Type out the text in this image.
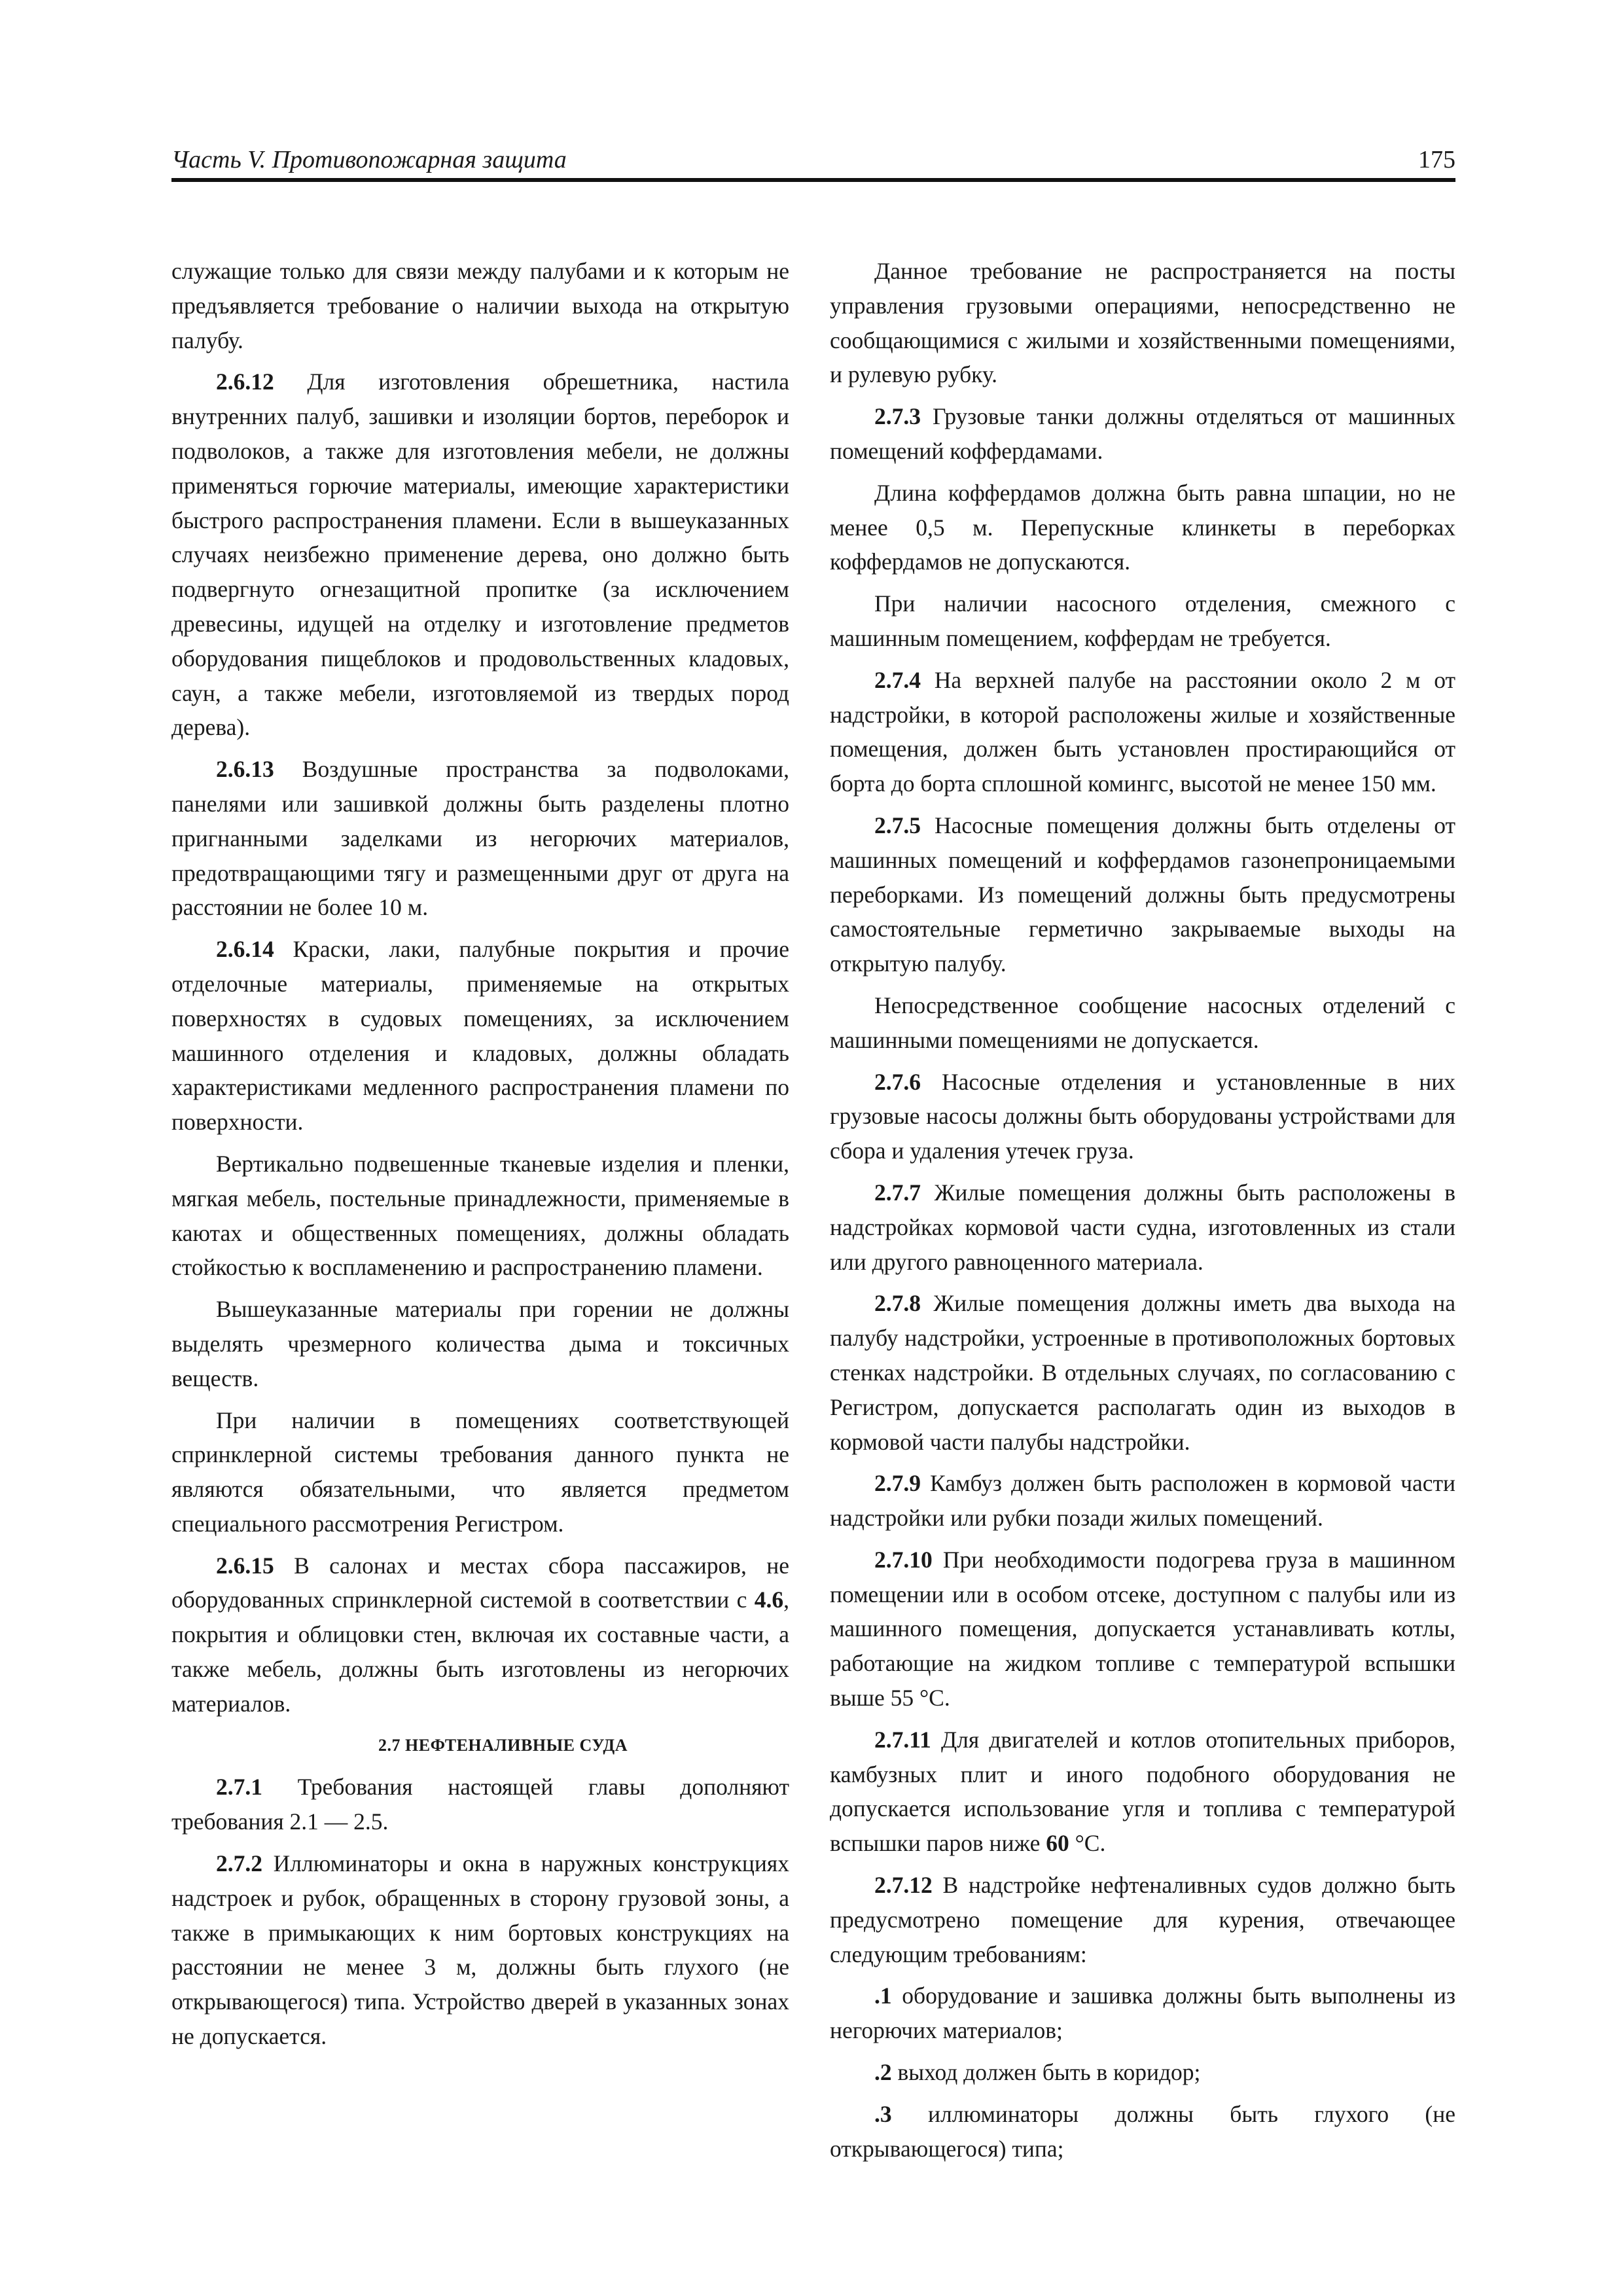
Часть V. Противопожарная защита	175

служащие только для связи между палубами и к которым не предъявляется требование о наличии выхода на открытую палубу.

2.6.12 Для изготовления обрешетника, настила внутренних палуб, зашивки и изоляции бортов, переборок и подволоков, а также для изготовления мебели, не должны применяться горючие материалы, имеющие характеристики быстрого распространения пламени. Если в вышеуказанных случаях неизбежно применение дерева, оно должно быть подвергнуто огнезащитной пропитке (за исключением древесины, идущей на отделку и изготовление предметов оборудования пищеблоков и продовольственных кладовых, саун, а также мебели, изготовляемой из твердых пород дерева).

2.6.13 Воздушные пространства за подволоками, панелями или зашивкой должны быть разделены плотно пригнанными заделками из негорючих материалов, предотвращающими тягу и размещенными друг от друга на расстоянии не более 10 м.

2.6.14 Краски, лаки, палубные покрытия и прочие отделочные материалы, применяемые на открытых поверхностях в судовых помещениях, за исключением машинного отделения и кладовых, должны обладать характеристиками медленного распространения пламени по поверхности.

Вертикально подвешенные тканевые изделия и пленки, мягкая мебель, постельные принадлежности, применяемые в каютах и общественных помещениях, должны обладать стойкостью к воспламенению и распространению пламени.

Вышеуказанные материалы при горении не должны выделять чрезмерного количества дыма и токсичных веществ.

При наличии в помещениях соответствующей спринклерной системы требования данного пункта не являются обязательными, что является предметом специального рассмотрения Регистром.

2.6.15 В салонах и местах сбора пассажиров, не оборудованных спринклерной системой в соответствии с 4.6, покрытия и облицовки стен, включая их составные части, а также мебель, должны быть изготовлены из негорючих материалов.

2.7 НЕФТЕНАЛИВНЫЕ СУДА

2.7.1 Требования настоящей главы дополняют требования 2.1 — 2.5.

2.7.2 Иллюминаторы и окна в наружных конструкциях надстроек и рубок, обращенных в сторону грузовой зоны, а также в примыкающих к ним бортовых конструкциях на расстоянии не менее 3 м, должны быть глухого (не открывающегося) типа. Устройство дверей в указанных зонах не допускается.

Данное требование не распространяется на посты управления грузовыми операциями, непосредственно не сообщающимися с жилыми и хозяйственными помещениями, и рулевую рубку.

2.7.3 Грузовые танки должны отделяться от машинных помещений коффердамами.

Длина коффердамов должна быть равна шпации, но не менее 0,5 м. Перепускные клинкеты в переборках коффердамов не допускаются.

При наличии насосного отделения, смежного с машинным помещением, коффердам не требуется.

2.7.4 На верхней палубе на расстоянии около 2 м от надстройки, в которой расположены жилые и хозяйственные помещения, должен быть установлен простирающийся от борта до борта сплошной комингс, высотой не менее 150 мм.

2.7.5 Насосные помещения должны быть отделены от машинных помещений и коффердамов газонепроницаемыми переборками. Из помещений должны быть предусмотрены самостоятельные герметично закрываемые выходы на открытую палубу.

Непосредственное сообщение насосных отделений с машинными помещениями не допускается.

2.7.6 Насосные отделения и установленные в них грузовые насосы должны быть оборудованы устройствами для сбора и удаления утечек груза.

2.7.7 Жилые помещения должны быть расположены в надстройках кормовой части судна, изготовленных из стали или другого равноценного материала.

2.7.8 Жилые помещения должны иметь два выхода на палубу надстройки, устроенные в противоположных бортовых стенках надстройки. В отдельных случаях, по согласованию с Регистром, допускается располагать один из выходов в кормовой части палубы надстройки.

2.7.9 Камбуз должен быть расположен в кормовой части надстройки или рубки позади жилых помещений.

2.7.10 При необходимости подогрева груза в машинном помещении или в особом отсеке, доступном с палубы или из машинного помещения, допускается устанавливать котлы, работающие на жидком топливе с температурой вспышки выше 55 °C.

2.7.11 Для двигателей и котлов отопительных приборов, камбузных плит и иного подобного оборудования не допускается использование угля и топлива с температурой вспышки паров ниже 60 °C.

2.7.12 В надстройке нефтеналивных судов должно быть предусмотрено помещение для курения, отвечающее следующим требованиям:

.1 оборудование и зашивка должны быть выполнены из негорючих материалов;

.2 выход должен быть в коридор;

.3 иллюминаторы должны быть глухого (не открывающегося) типа;
